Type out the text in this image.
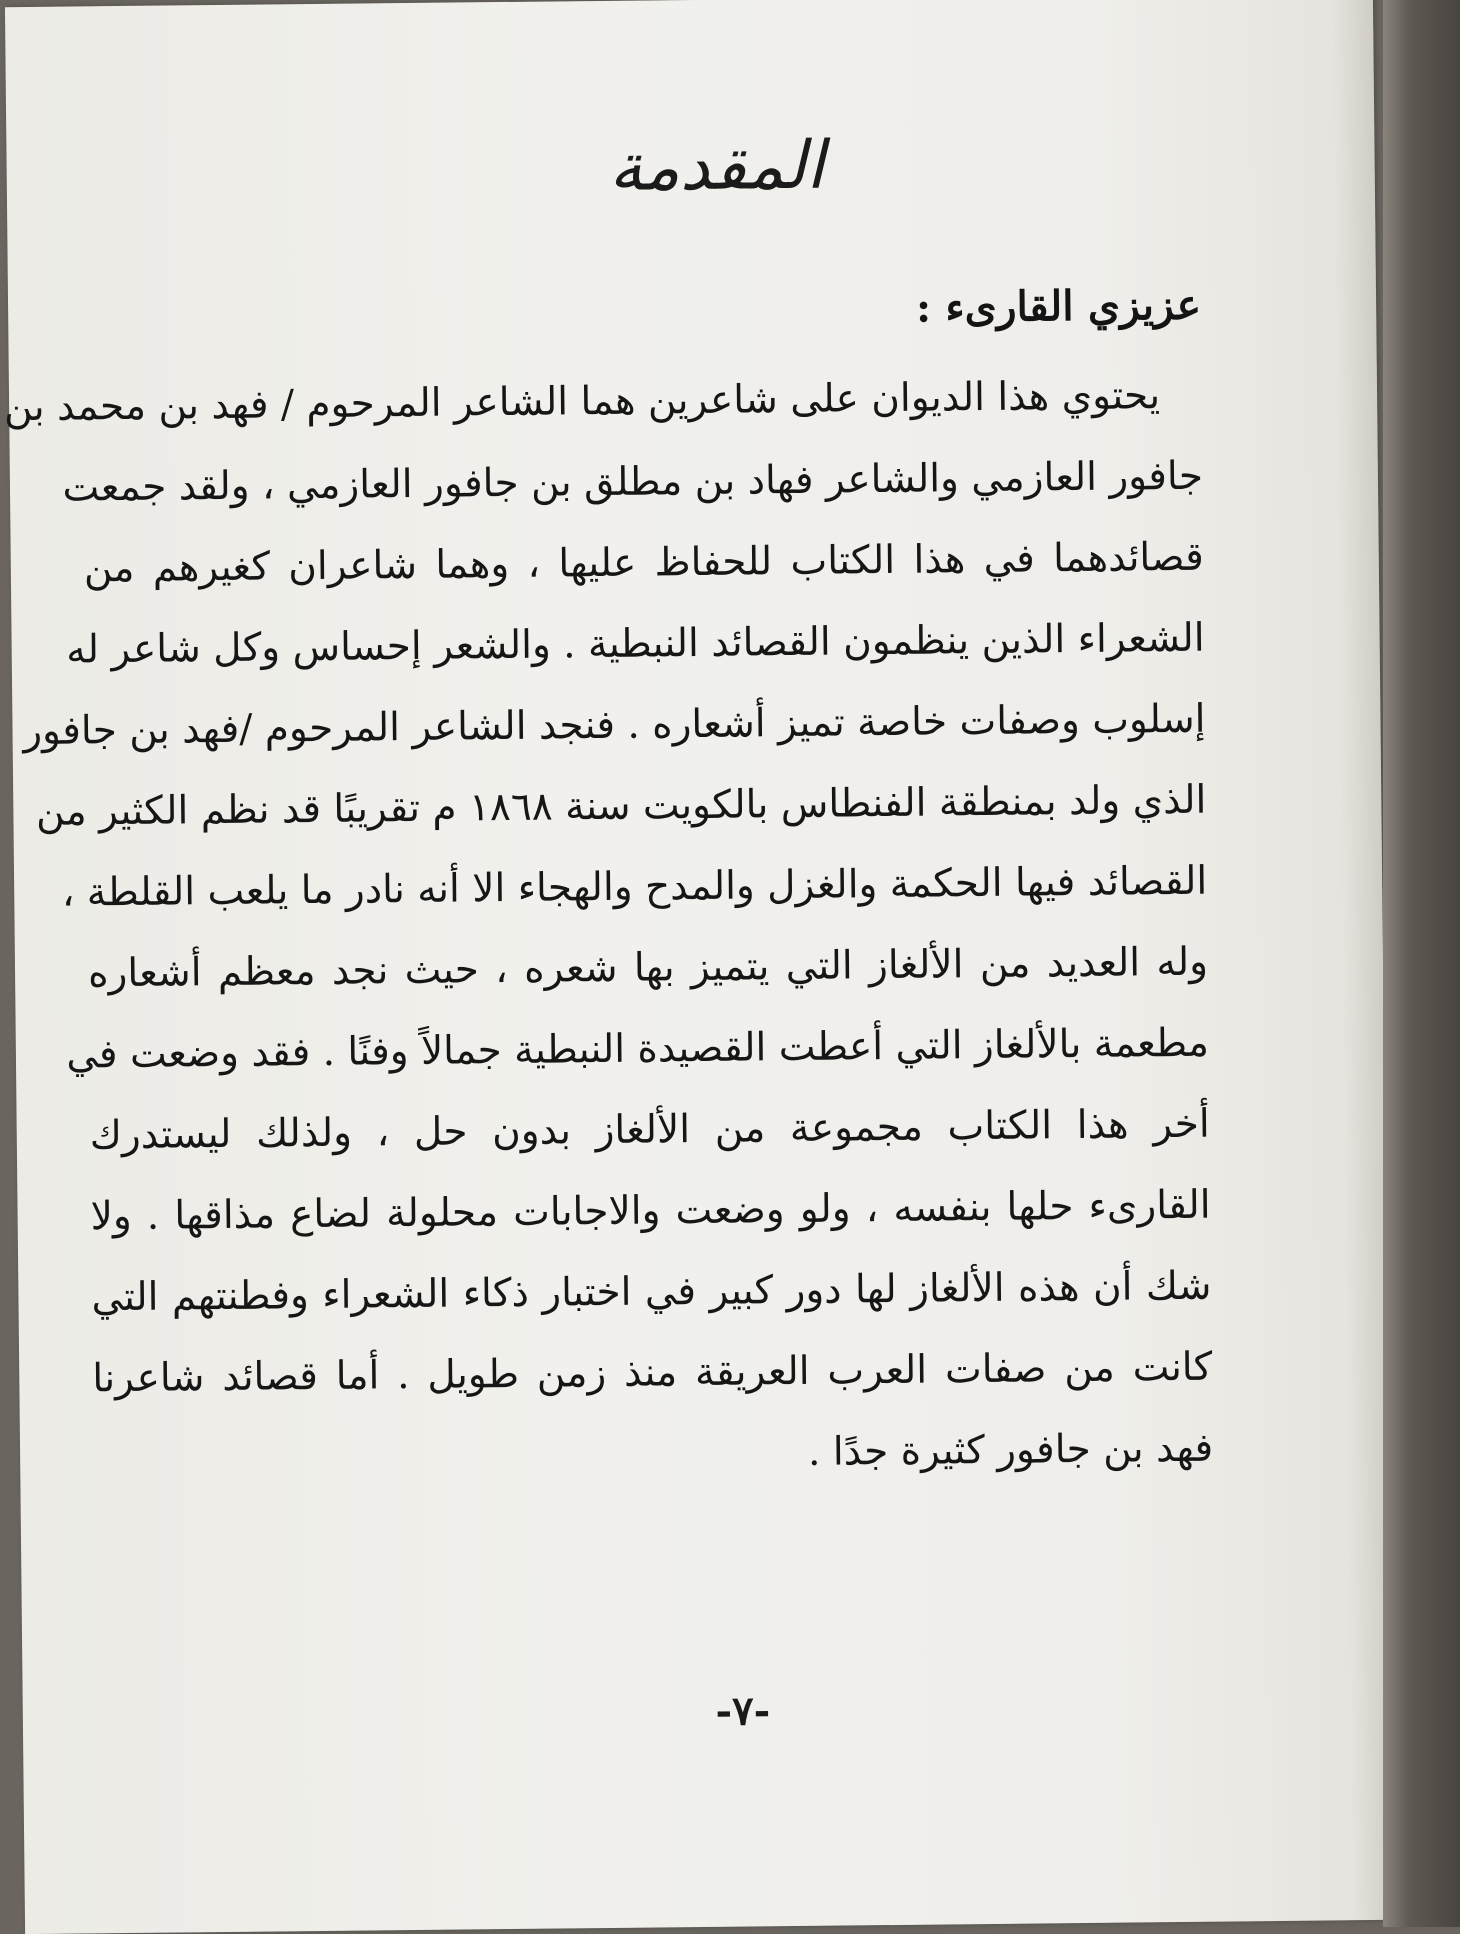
المقدمة
عزيزي القارىء :
يحتوي هذا الديوان على شاعرين هما الشاعر المرحوم / فهد بن محمد بن
جافور العازمي والشاعر فهاد بن مطلق بن جافور العازمي ، ولقد جمعت
قصائدهما في هذا الكتاب للحفاظ عليها ، وهما شاعران كغيرهم من
الشعراء الذين ينظمون القصائد النبطية . والشعر إحساس وكل شاعر له
إسلوب وصفات خاصة تميز أشعاره . فنجد الشاعر المرحوم /فهد بن جافور
الذي ولد بمنطقة الفنطاس بالكويت سنة ١٨٦٨ م تقريبًا قد نظم الكثير من
القصائد فيها الحكمة والغزل والمدح والهجاء الا أنه نادر ما يلعب القلطة ،
وله العديد من الألغاز التي يتميز بها شعره ، حيث نجد معظم أشعاره
مطعمة بالألغاز التي أعطت القصيدة النبطية جمالاً وفنًا . فقد وضعت في
أخر هذا الكتاب مجموعة من الألغاز بدون حل ، ولذلك ليستدرك
القارىء حلها بنفسه ، ولو وضعت والاجابات محلولة لضاع مذاقها . ولا
شك أن هذه الألغاز لها دور كبير في اختبار ذكاء الشعراء وفطنتهم التي
كانت من صفات العرب العريقة منذ زمن طويل . أما قصائد شاعرنا
فهد بن جافور كثيرة جدًا .
-٧-
